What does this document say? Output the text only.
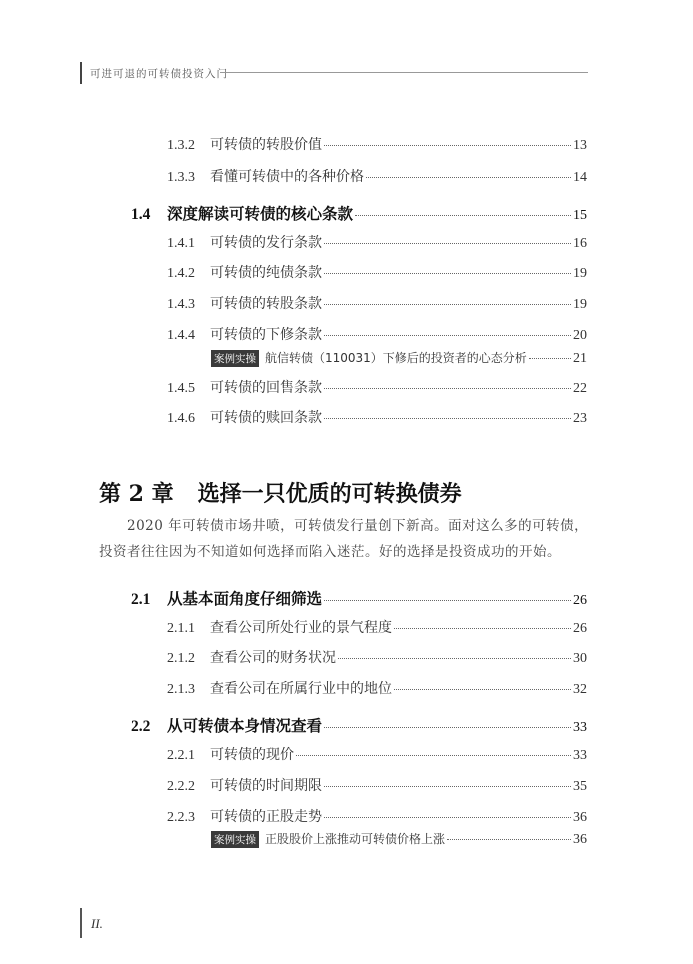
可进可退的可转债投资入门
1.3.2	可转债的转股价值	13
1.3.3	看懂可转债中的各种价格	14
1.4	深度解读可转债的核心条款	15
1.4.1	可转债的发行条款	16
1.4.2	可转债的纯债条款	19
1.4.3	可转债的转股条款	19
1.4.4	可转债的下修条款	20
案例实操 航信转债（110031）下修后的投资者的心态分析	21
1.4.5	可转债的回售条款	22
1.4.6	可转债的赎回条款	23
第 2 章 选择一只优质的可转换债券

2020 年可转债市场井喷，可转债发行量创下新高。面对这么多的可转债，

投资者往往因为不知道如何选择而陷入迷茫。好的选择是投资成功的开始。

2.1	从基本面角度仔细筛选	26
2.1.1	查看公司所处行业的景气程度	26
2.1.2	查看公司的财务状况	30
2.1.3	查看公司在所属行业中的地位	32
2.2	从可转债本身情况查看	33
2.2.1	可转债的现价	33
2.2.2	可转债的时间期限	35
2.2.3	可转债的正股走势	36
案例实操 正股股价上涨推动可转债价格上涨	36
II.
